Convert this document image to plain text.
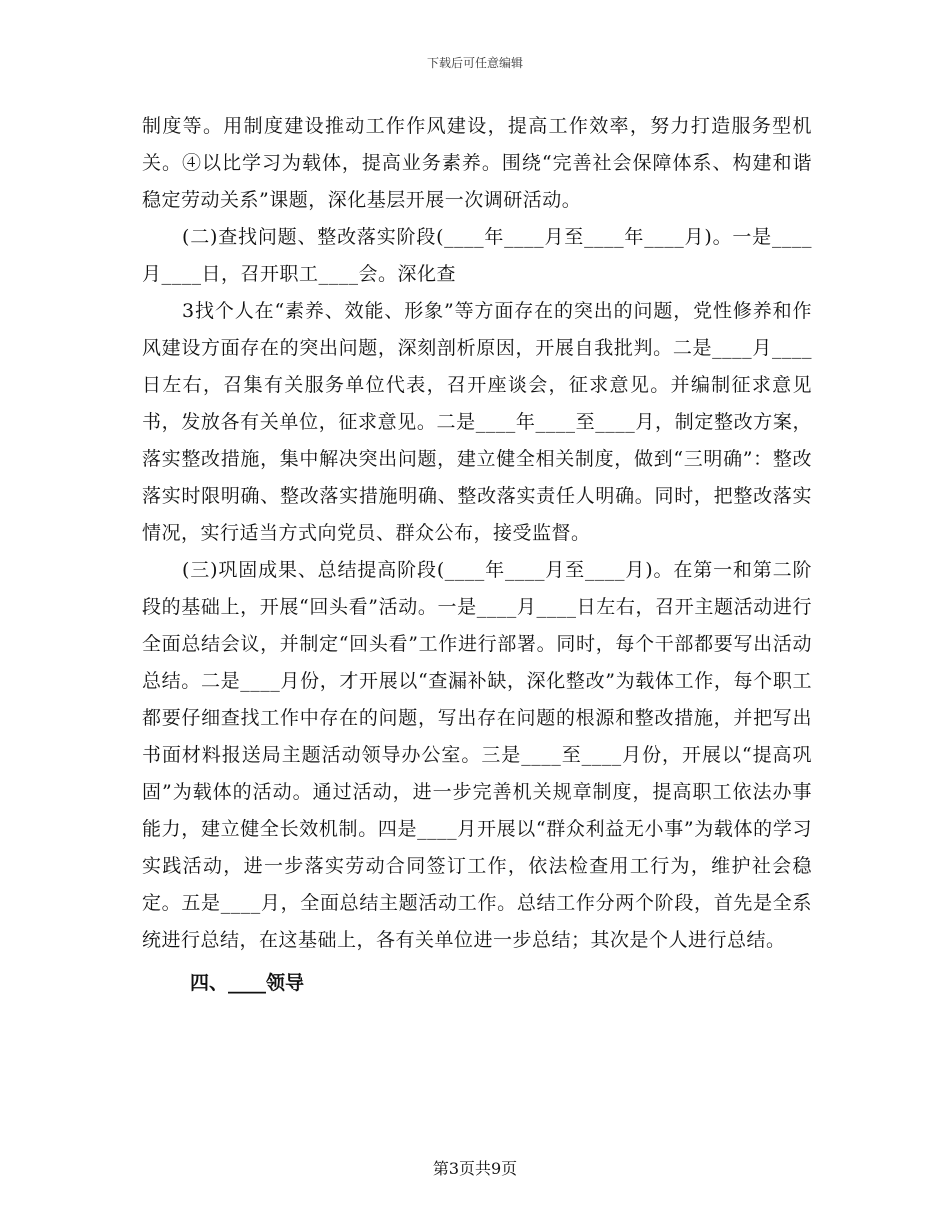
下载后可任意编辑

制度等。用制度建设推动工作作风建设，提高工作效率，努力打造服务型机关。④以比学习为载体，提高业务素养。围绕“完善社会保障体系、构建和谐稳定劳动关系”课题，深化基层开展一次调研活动。

(二)查找问题、整改落实阶段(____年____月至____年____月)。一是____月____日，召开职工____会。深化查

3找个人在“素养、效能、形象”等方面存在的突出的问题，党性修养和作风建设方面存在的突出问题，深刻剖析原因，开展自我批判。二是____月____日左右，召集有关服务单位代表，召开座谈会，征求意见。并编制征求意见书，发放各有关单位，征求意见。二是____年____至____月，制定整改方案，落实整改措施，集中解决突出问题，建立健全相关制度，做到“三明确”：整改落实时限明确、整改落实措施明确、整改落实责任人明确。同时，把整改落实情况，实行适当方式向党员、群众公布，接受监督。

(三)巩固成果、总结提高阶段(____年____月至____月)。在第一和第二阶段的基础上，开展“回头看”活动。一是____月____日左右，召开主题活动进行全面总结会议，并制定“回头看”工作进行部署。同时，每个干部都要写出活动总结。二是____月份，才开展以“查漏补缺，深化整改”为载体工作，每个职工都要仔细查找工作中存在的问题，写出存在问题的根源和整改措施，并把写出书面材料报送局主题活动领导办公室。三是____至____月份，开展以“提高巩固”为载体的活动。通过活动，进一步完善机关规章制度，提高职工依法办事能力，建立健全长效机制。四是____月开展以“群众利益无小事”为载体的学习实践活动，进一步落实劳动合同签订工作，依法检查用工行为，维护社会稳定。五是____月，全面总结主题活动工作。总结工作分两个阶段，首先是全系统进行总结，在这基础上，各有关单位进一步总结；其次是个人进行总结。

四、____领导

第3页共9页
